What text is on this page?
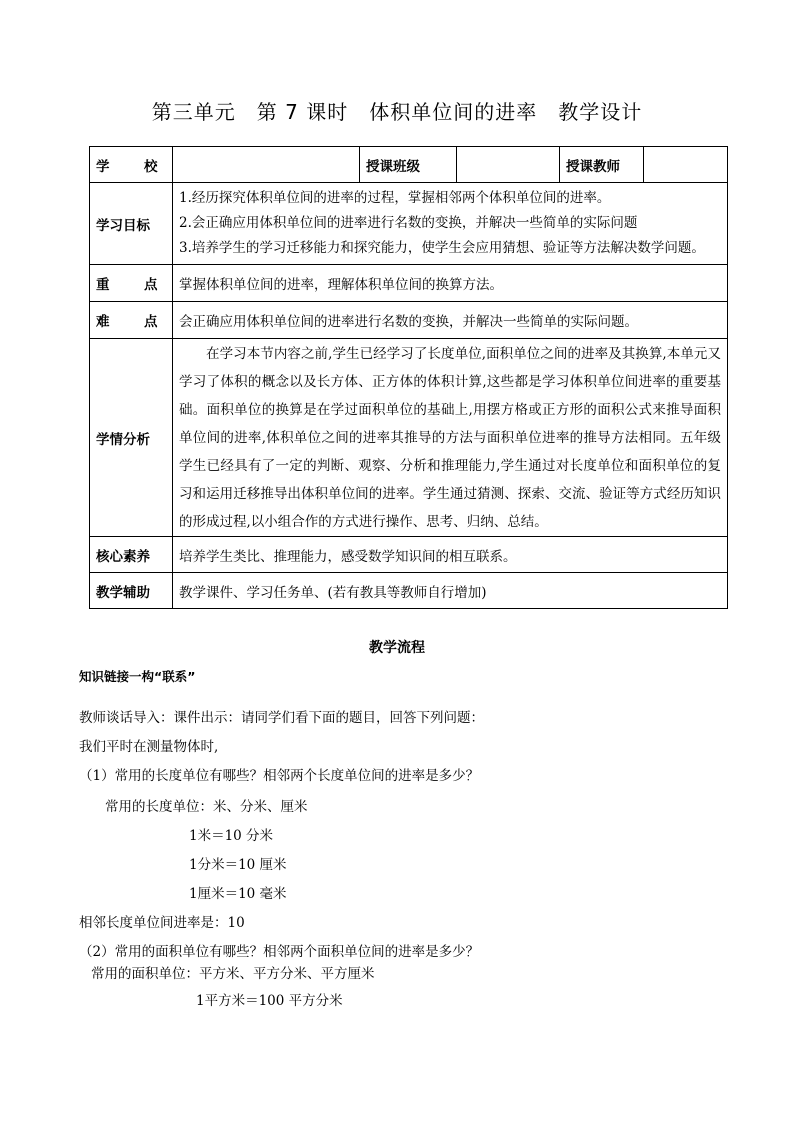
第三单元　第 7 课时　体积单位间的进率　教学设计
学 校		授课班级		授课教师	
学习目标	1.经历探究体积单位间的进率的过程，掌握相邻两个体积单位间的进率。
2.会正确应用体积单位间的进率进行名数的变换，并解决一些简单的实际问题
3.培养学生的学习迁移能力和探究能力，使学生会应用猜想、验证等方法解决数学问题。				

重 点	掌握体积单位间的进率，理解体积单位间的换算方法。				
难 点	会正确应用体积单位间的进率进行名数的变换，并解决一些简单的实际问题。				
学情分析	在学习本节内容之前,学生已经学习了长度单位,面积单位之间的进率及其换算,本单元又学习了体积的概念以及长方体、正方体的体积计算,这些都是学习体积单位间进率的重要基础。面积单位的换算是在学过面积单位的基础上,用摆方格或正方形的面积公式来推导面积单位间的进率,体积单位之间的进率其推导的方法与面积单位进率的推导方法相同。五年级学生已经具有了一定的判断、观察、分析和推理能力,学生通过对长度单位和面积单位的复习和运用迁移推导出体积单位间的进率。学生通过猜测、探索、交流、验证等方式经历知识的形成过程,以小组合作的方式进行操作、思考、归纳、总结。				

核心素养	培养学生类比、推理能力，感受数学知识间的相互联系。				
教学辅助	教学课件、学习任务单、(若有教具等教师自行增加)				
教学流程
知识链接一构“联系”
教师谈话导入：课件出示：请同学们看下面的题目，回答下列问题：
我们平时在测量物体时,
（1）常用的长度单位有哪些？相邻两个长度单位间的进率是多少？
常用的长度单位：米、分米、厘米
1米＝10 分米
1分米＝10 厘米
1厘米＝10 毫米
相邻长度单位间进率是：10
（2）常用的面积单位有哪些？相邻两个面积单位间的进率是多少？
常用的面积单位：平方米、平方分米、平方厘米
1平方米＝100 平方分米
